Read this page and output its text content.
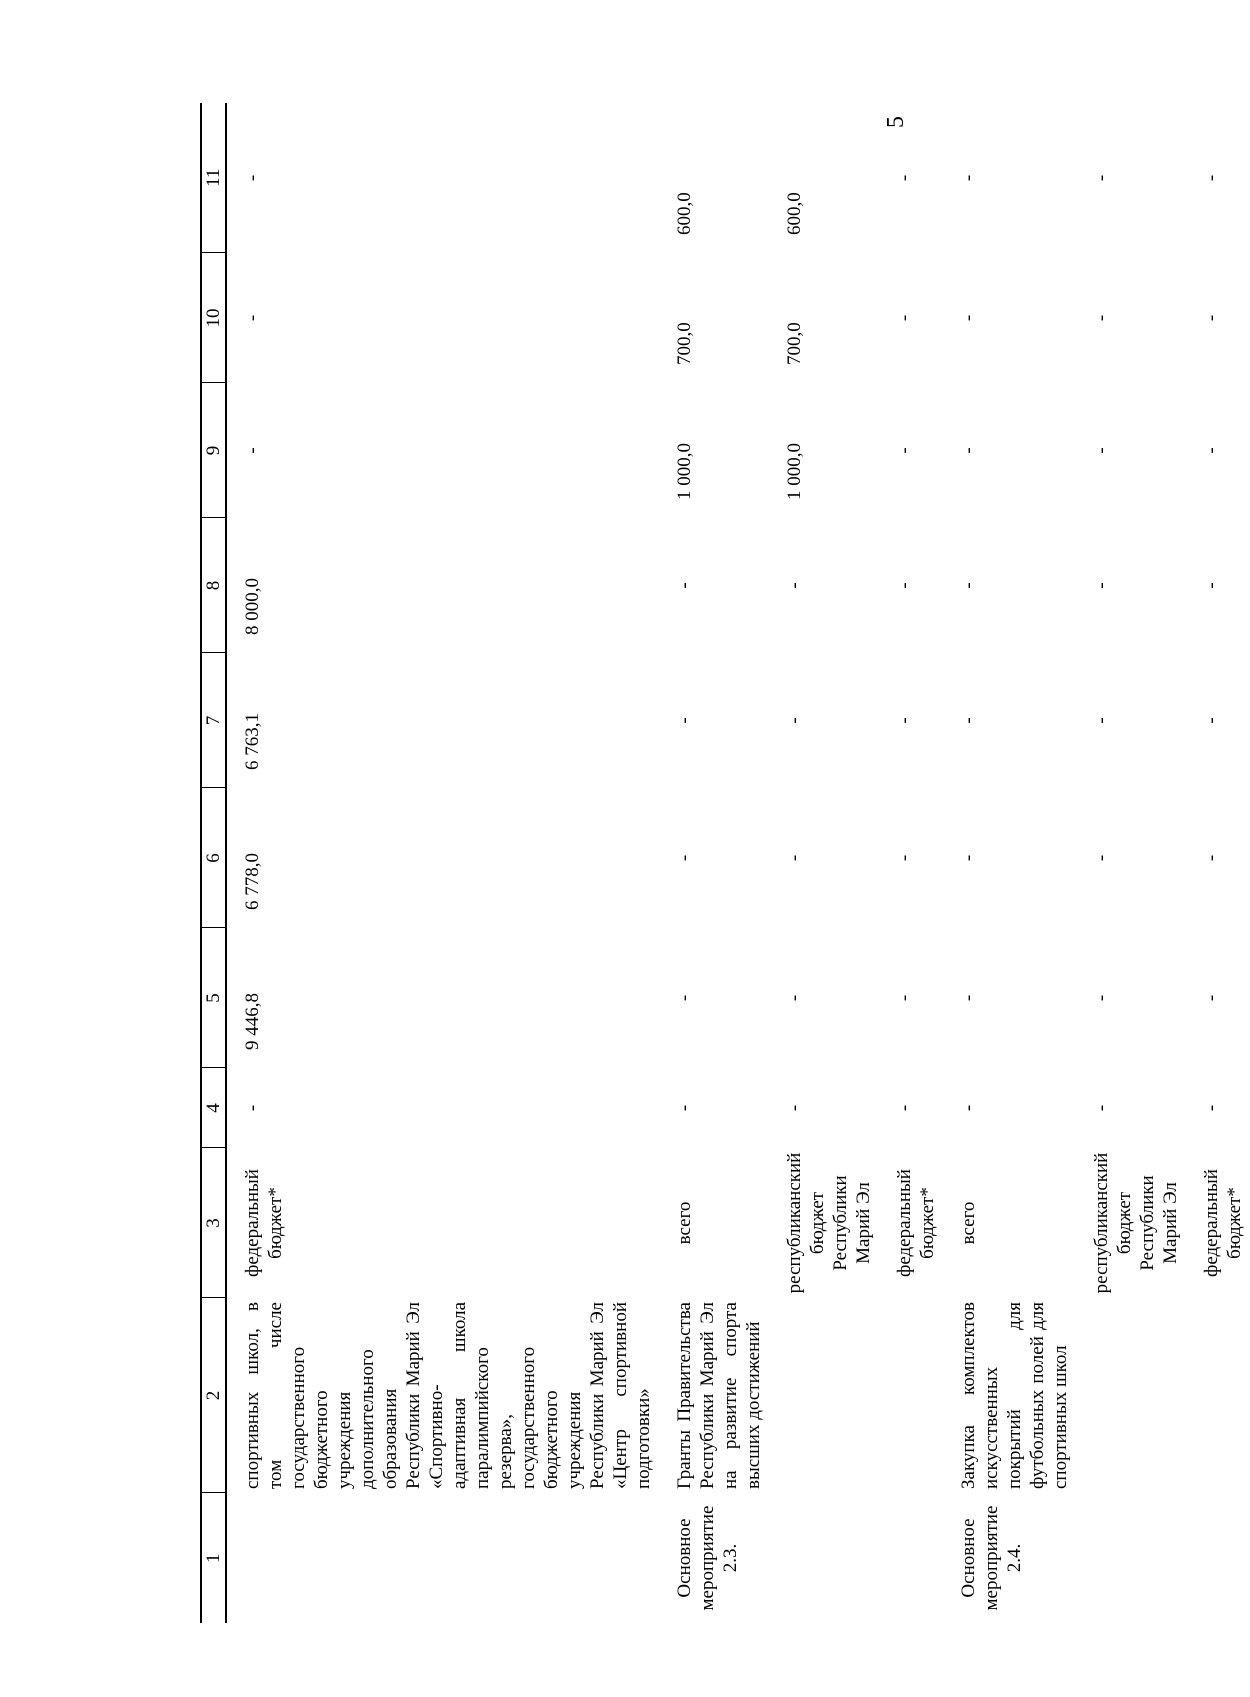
5
1	2	3	4	5	6	7	8	9	10	11
	спортивных школ, в том числе государственного бюджетного учреждения дополнительного образования Республики Марий Эл «Спортивно-адаптивная школа паралимпийского резерва», государственного бюджетного учреждения Республики Марий Эл «Центр спортивной подготовки»	федеральный бюджет*	-	9 446,8	6 778,0	6 763,1	8 000,0	-	-	-
Основное мероприятие 2.3.	Гранты Правительства Республики Марий Эл на развитие спорта высших достижений	всего	-	-	-	-	-	1 000,0	700,0	600,0
		республиканский бюджет Республики Марий Эл	-	-	-	-	-	1 000,0	700,0	600,0
		федеральный бюджет*	-	-	-	-	-	-	-	-
Основное мероприятие 2.4.	Закупка комплектов искусственных покрытий для футбольных полей для спортивных школ	всего	-	-	-	-	-	-	-	-
		республиканский бюджет Республики Марий Эл	-	-	-	-	-	-	-	-
		федеральный бюджет*	-	-	-	-	-	-	-	-
